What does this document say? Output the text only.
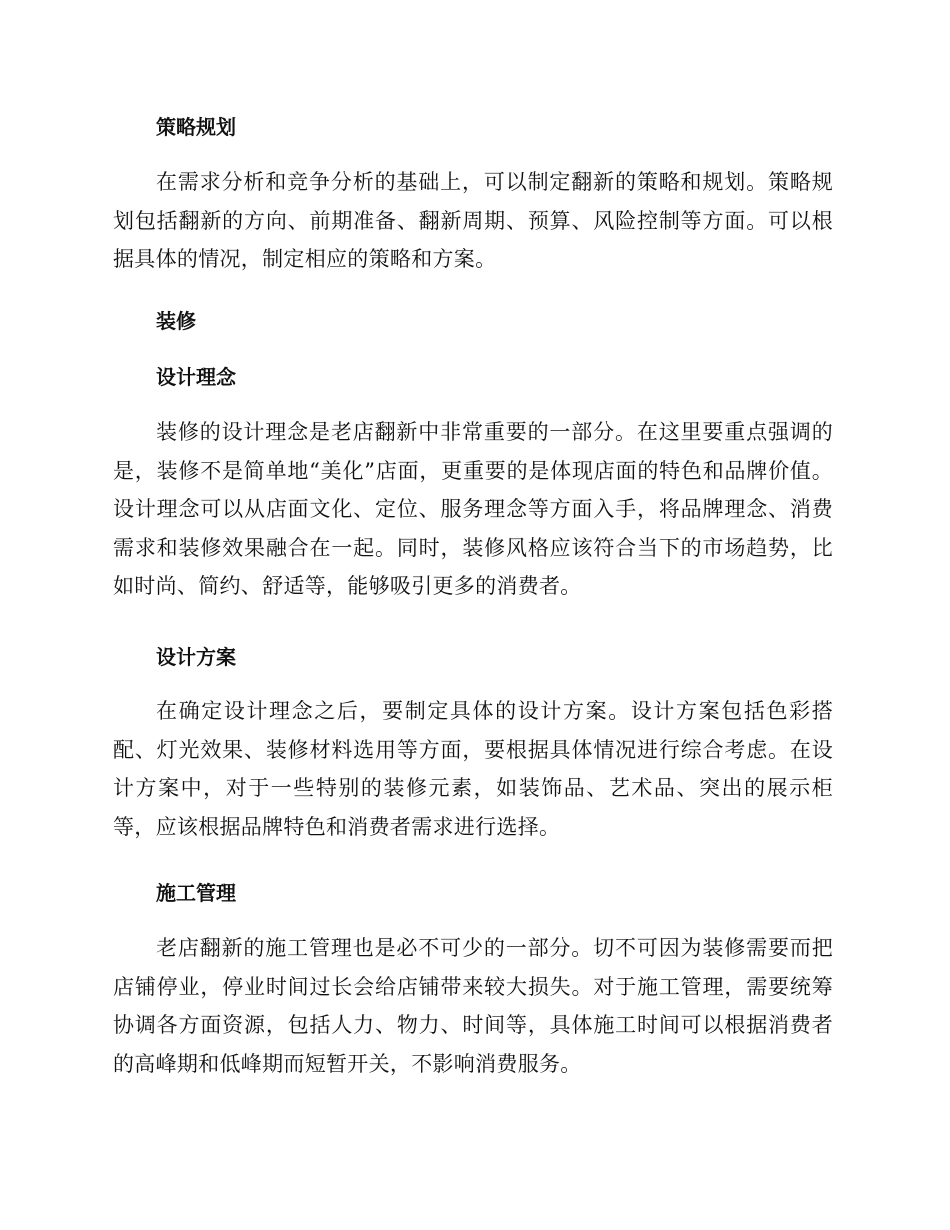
策略规划
在需求分析和竞争分析的基础上，可以制定翻新的策略和规划。策略规划包括翻新的方向、前期准备、翻新周期、预算、风险控制等方面。可以根据具体的情况，制定相应的策略和方案。
装修
设计理念
装修的设计理念是老店翻新中非常重要的一部分。在这里要重点强调的是，装修不是简单地“美化”店面，更重要的是体现店面的特色和品牌价值。设计理念可以从店面文化、定位、服务理念等方面入手，将品牌理念、消费需求和装修效果融合在一起。同时，装修风格应该符合当下的市场趋势，比如时尚、简约、舒适等，能够吸引更多的消费者。
设计方案
在确定设计理念之后，要制定具体的设计方案。设计方案包括色彩搭配、灯光效果、装修材料选用等方面，要根据具体情况进行综合考虑。在设计方案中，对于一些特别的装修元素，如装饰品、艺术品、突出的展示柜等，应该根据品牌特色和消费者需求进行选择。
施工管理
老店翻新的施工管理也是必不可少的一部分。切不可因为装修需要而把店铺停业，停业时间过长会给店铺带来较大损失。对于施工管理，需要统筹协调各方面资源，包括人力、物力、时间等，具体施工时间可以根据消费者的高峰期和低峰期而短暂开关，不影响消费服务。
